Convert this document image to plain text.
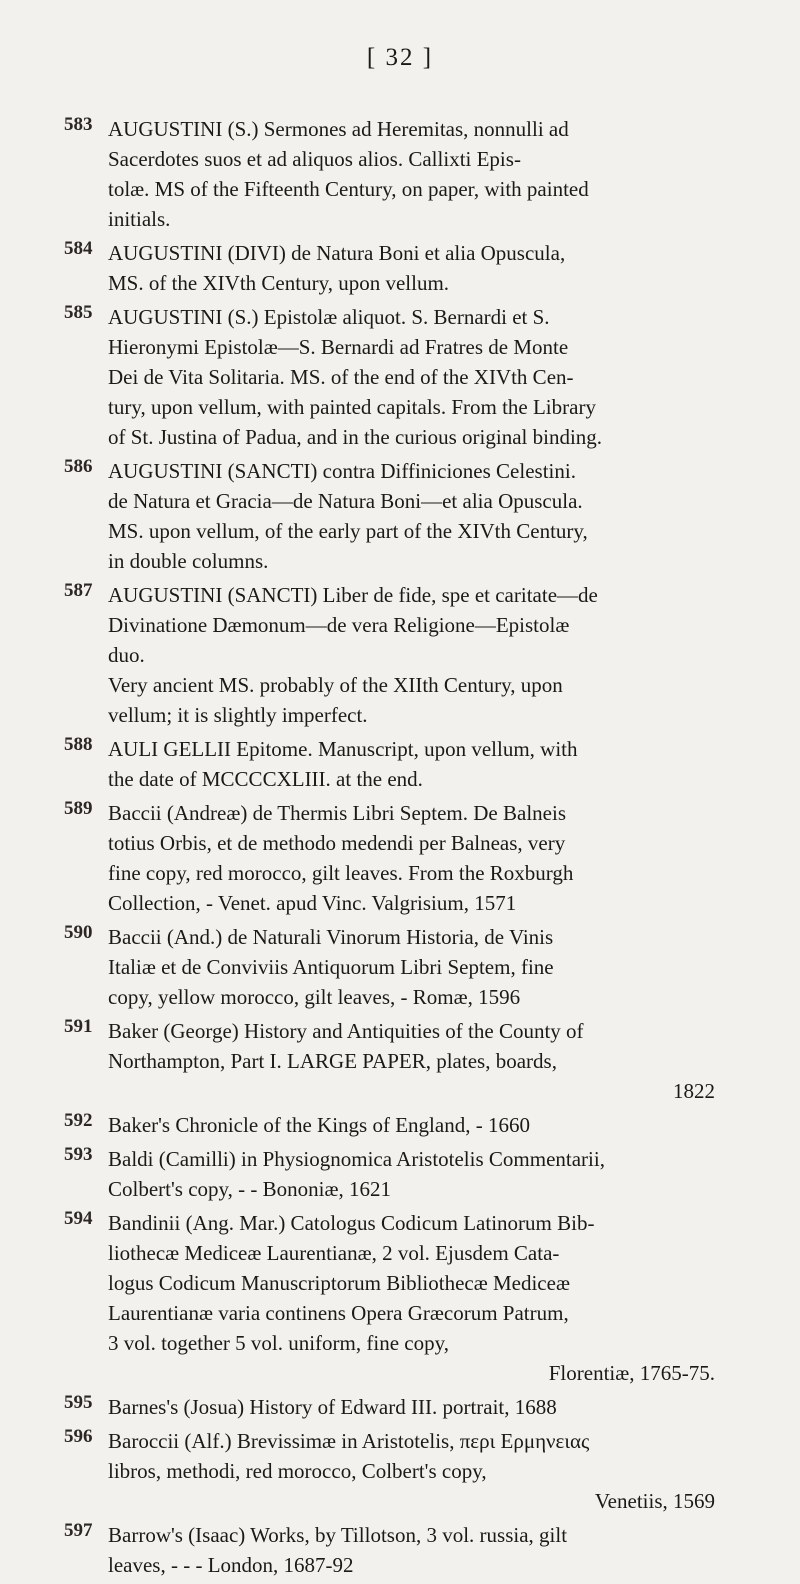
[ 32 ]
583 AUGUSTINI (S.) Sermones ad Heremitas, nonnulli ad
Sacerdotes suos et ad aliquos alios. Callixti Epis-
tolæ. MS of the Fifteenth Century, on paper, with painted
initials.
584 AUGUSTINI (DIVI) de Natura Boni et alia Opuscula,
MS. of the XIVth Century, upon vellum.
585 AUGUSTINI (S.) Epistolæ aliquot. S. Bernardi et S.
Hieronymi Epistolæ—S. Bernardi ad Fratres de Monte
Dei de Vita Solitaria. MS. of the end of the XIVth Cen-
tury, upon vellum, with painted capitals. From the Library
of St. Justina of Padua, and in the curious original binding.
586 AUGUSTINI (SANCTI) contra Diffiniciones Celestini.
de Natura et Gracia—de Natura Boni—et alia Opuscula.
MS. upon vellum, of the early part of the XIVth Century,
in double columns.
587 AUGUSTINI (SANCTI) Liber de fide, spe et caritate—de
Divinatione Dæmonum—de vera Religione—Epistolæ
duo.
Very ancient MS. probably of the XIIth Century, upon
vellum; it is slightly imperfect.
588 AULI GELLII Epitome. Manuscript, upon vellum, with
the date of MCCCCXLIII. at the end.
589 Baccii (Andreæ) de Thermis Libri Septem. De Balneis
totius Orbis, et de methodo medendi per Balneas, very
fine copy, red morocco, gilt leaves. From the Roxburgh
Collection, - Venet. apud Vinc. Valgrisium, 1571
590 Baccii (And.) de Naturali Vinorum Historia, de Vinis
Italiæ et de Conviviis Antiquorum Libri Septem, fine
copy, yellow morocco, gilt leaves, - Romæ, 1596
591 Baker (George) History and Antiquities of the County of
Northampton, Part I. LARGE PAPER, plates, boards,
1822
592 Baker's Chronicle of the Kings of England, - 1660
593 Baldi (Camilli) in Physiognomica Aristotelis Commentarii,
Colbert's copy, - - Bononiæ, 1621
594 Bandinii (Ang. Mar.) Catologus Codicum Latinorum Bib-
liothecæ Mediceæ Laurentianæ, 2 vol. Ejusdem Cata-
logus Codicum Manuscriptorum Bibliothecæ Mediceæ
Laurentianæ varia continens Opera Græcorum Patrum,
3 vol. together 5 vol. uniform, fine copy,
Florentiæ, 1765-75.
595 Barnes's (Josua) History of Edward III. portrait, 1688
596 Baroccii (Alf.) Brevissimæ in Aristotelis, περι Ερμηνειας
libros, methodi, red morocco, Colbert's copy,
Venetiis, 1569
597 Barrow's (Isaac) Works, by Tillotson, 3 vol. russia, gilt
leaves, - - - London, 1687-92
